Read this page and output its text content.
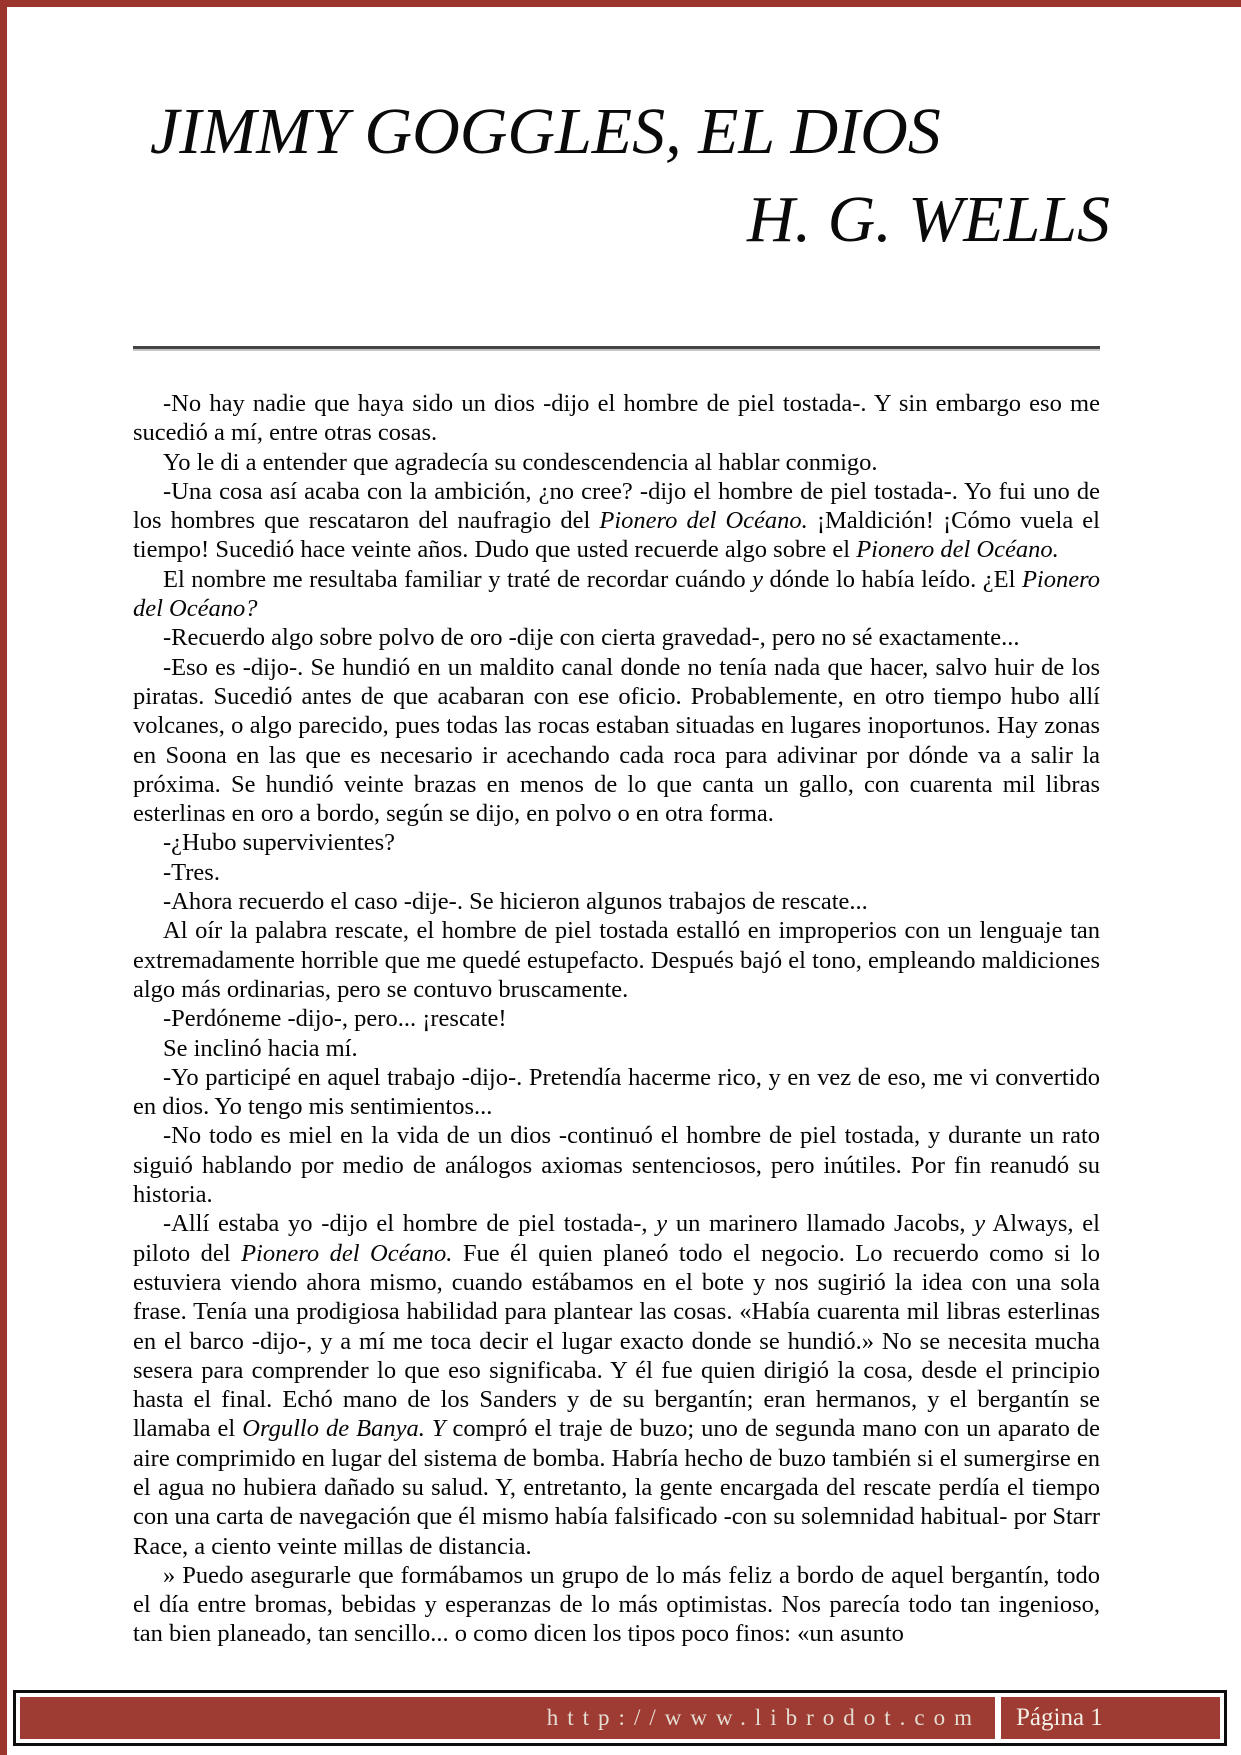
JIMMY GOGGLES, EL DIOS
H. G. WELLS

-No hay nadie que haya sido un dios -dijo el hombre de piel tostada-. Y sin embargo eso me sucedió a mí, entre otras cosas.

Yo le di a entender que agradecía su condescendencia al hablar conmigo.

-Una cosa así acaba con la ambición, ¿no cree? -dijo el hombre de piel tostada-. Yo fui uno de los hombres que rescataron del naufragio del Pionero del Océano. ¡Maldición! ¡Cómo vuela el tiempo! Sucedió hace veinte años. Dudo que usted recuerde algo sobre el Pionero del Océano.

El nombre me resultaba familiar y traté de recordar cuándo y dónde lo había leído. ¿El Pionero del Océano?

-Recuerdo algo sobre polvo de oro -dije con cierta gravedad-, pero no sé exactamente...

-Eso es -dijo-. Se hundió en un maldito canal donde no tenía nada que hacer, salvo huir de los piratas. Sucedió antes de que acabaran con ese oficio. Probablemente, en otro tiempo hubo allí volcanes, o algo parecido, pues todas las rocas estaban situadas en lugares inoportunos. Hay zonas en Soona en las que es necesario ir acechando cada roca para adivinar por dónde va a salir la próxima. Se hundió veinte brazas en menos de lo que canta un gallo, con cuarenta mil libras esterlinas en oro a bordo, según se dijo, en polvo o en otra forma.

-¿Hubo supervivientes?

-Tres.

-Ahora recuerdo el caso -dije-. Se hicieron algunos trabajos de rescate...

Al oír la palabra rescate, el hombre de piel tostada estalló en improperios con un lenguaje tan extremadamente horrible que me quedé estupefacto. Después bajó el tono, empleando maldiciones algo más ordinarias, pero se contuvo bruscamente.

-Perdóneme -dijo-, pero... ¡rescate!

Se inclinó hacia mí.

-Yo participé en aquel trabajo -dijo-. Pretendía hacerme rico, y en vez de eso, me vi convertido en dios. Yo tengo mis sentimientos...

-No todo es miel en la vida de un dios -continuó el hombre de piel tostada, y durante un rato siguió hablando por medio de análogos axiomas sentenciosos, pero inútiles. Por fin reanudó su historia.

-Allí estaba yo -dijo el hombre de piel tostada-, y un marinero llamado Jacobs, y Always, el piloto del Pionero del Océano. Fue él quien planeó todo el negocio. Lo recuerdo como si lo estuviera viendo ahora mismo, cuando estábamos en el bote y nos sugirió la idea con una sola frase. Tenía una prodigiosa habilidad para plantear las cosas. «Había cuarenta mil libras esterlinas en el barco -dijo-, y a mí me toca decir el lugar exacto donde se hundió.» No se necesita mucha sesera para comprender lo que eso significaba. Y él fue quien dirigió la cosa, desde el principio hasta el final. Echó mano de los Sanders y de su bergantín; eran hermanos, y el bergantín se llamaba el Orgullo de Banya. Y compró el traje de buzo; uno de segunda mano con un aparato de aire comprimido en lugar del sistema de bomba. Habría hecho de buzo también si el sumergirse en el agua no hubiera dañado su salud. Y, entretanto, la gente encargada del rescate perdía el tiempo con una carta de navegación que él mismo había falsificado -con su solemnidad habitual- por Starr Race, a ciento veinte millas de distancia.

» Puedo asegurarle que formábamos un grupo de lo más feliz a bordo de aquel bergantín, todo el día entre bromas, bebidas y esperanzas de lo más optimistas. Nos parecía todo tan ingenioso, tan bien planeado, tan sencillo... o como dicen los tipos poco finos: «un asunto

http://www.librodot.com	Página 1
